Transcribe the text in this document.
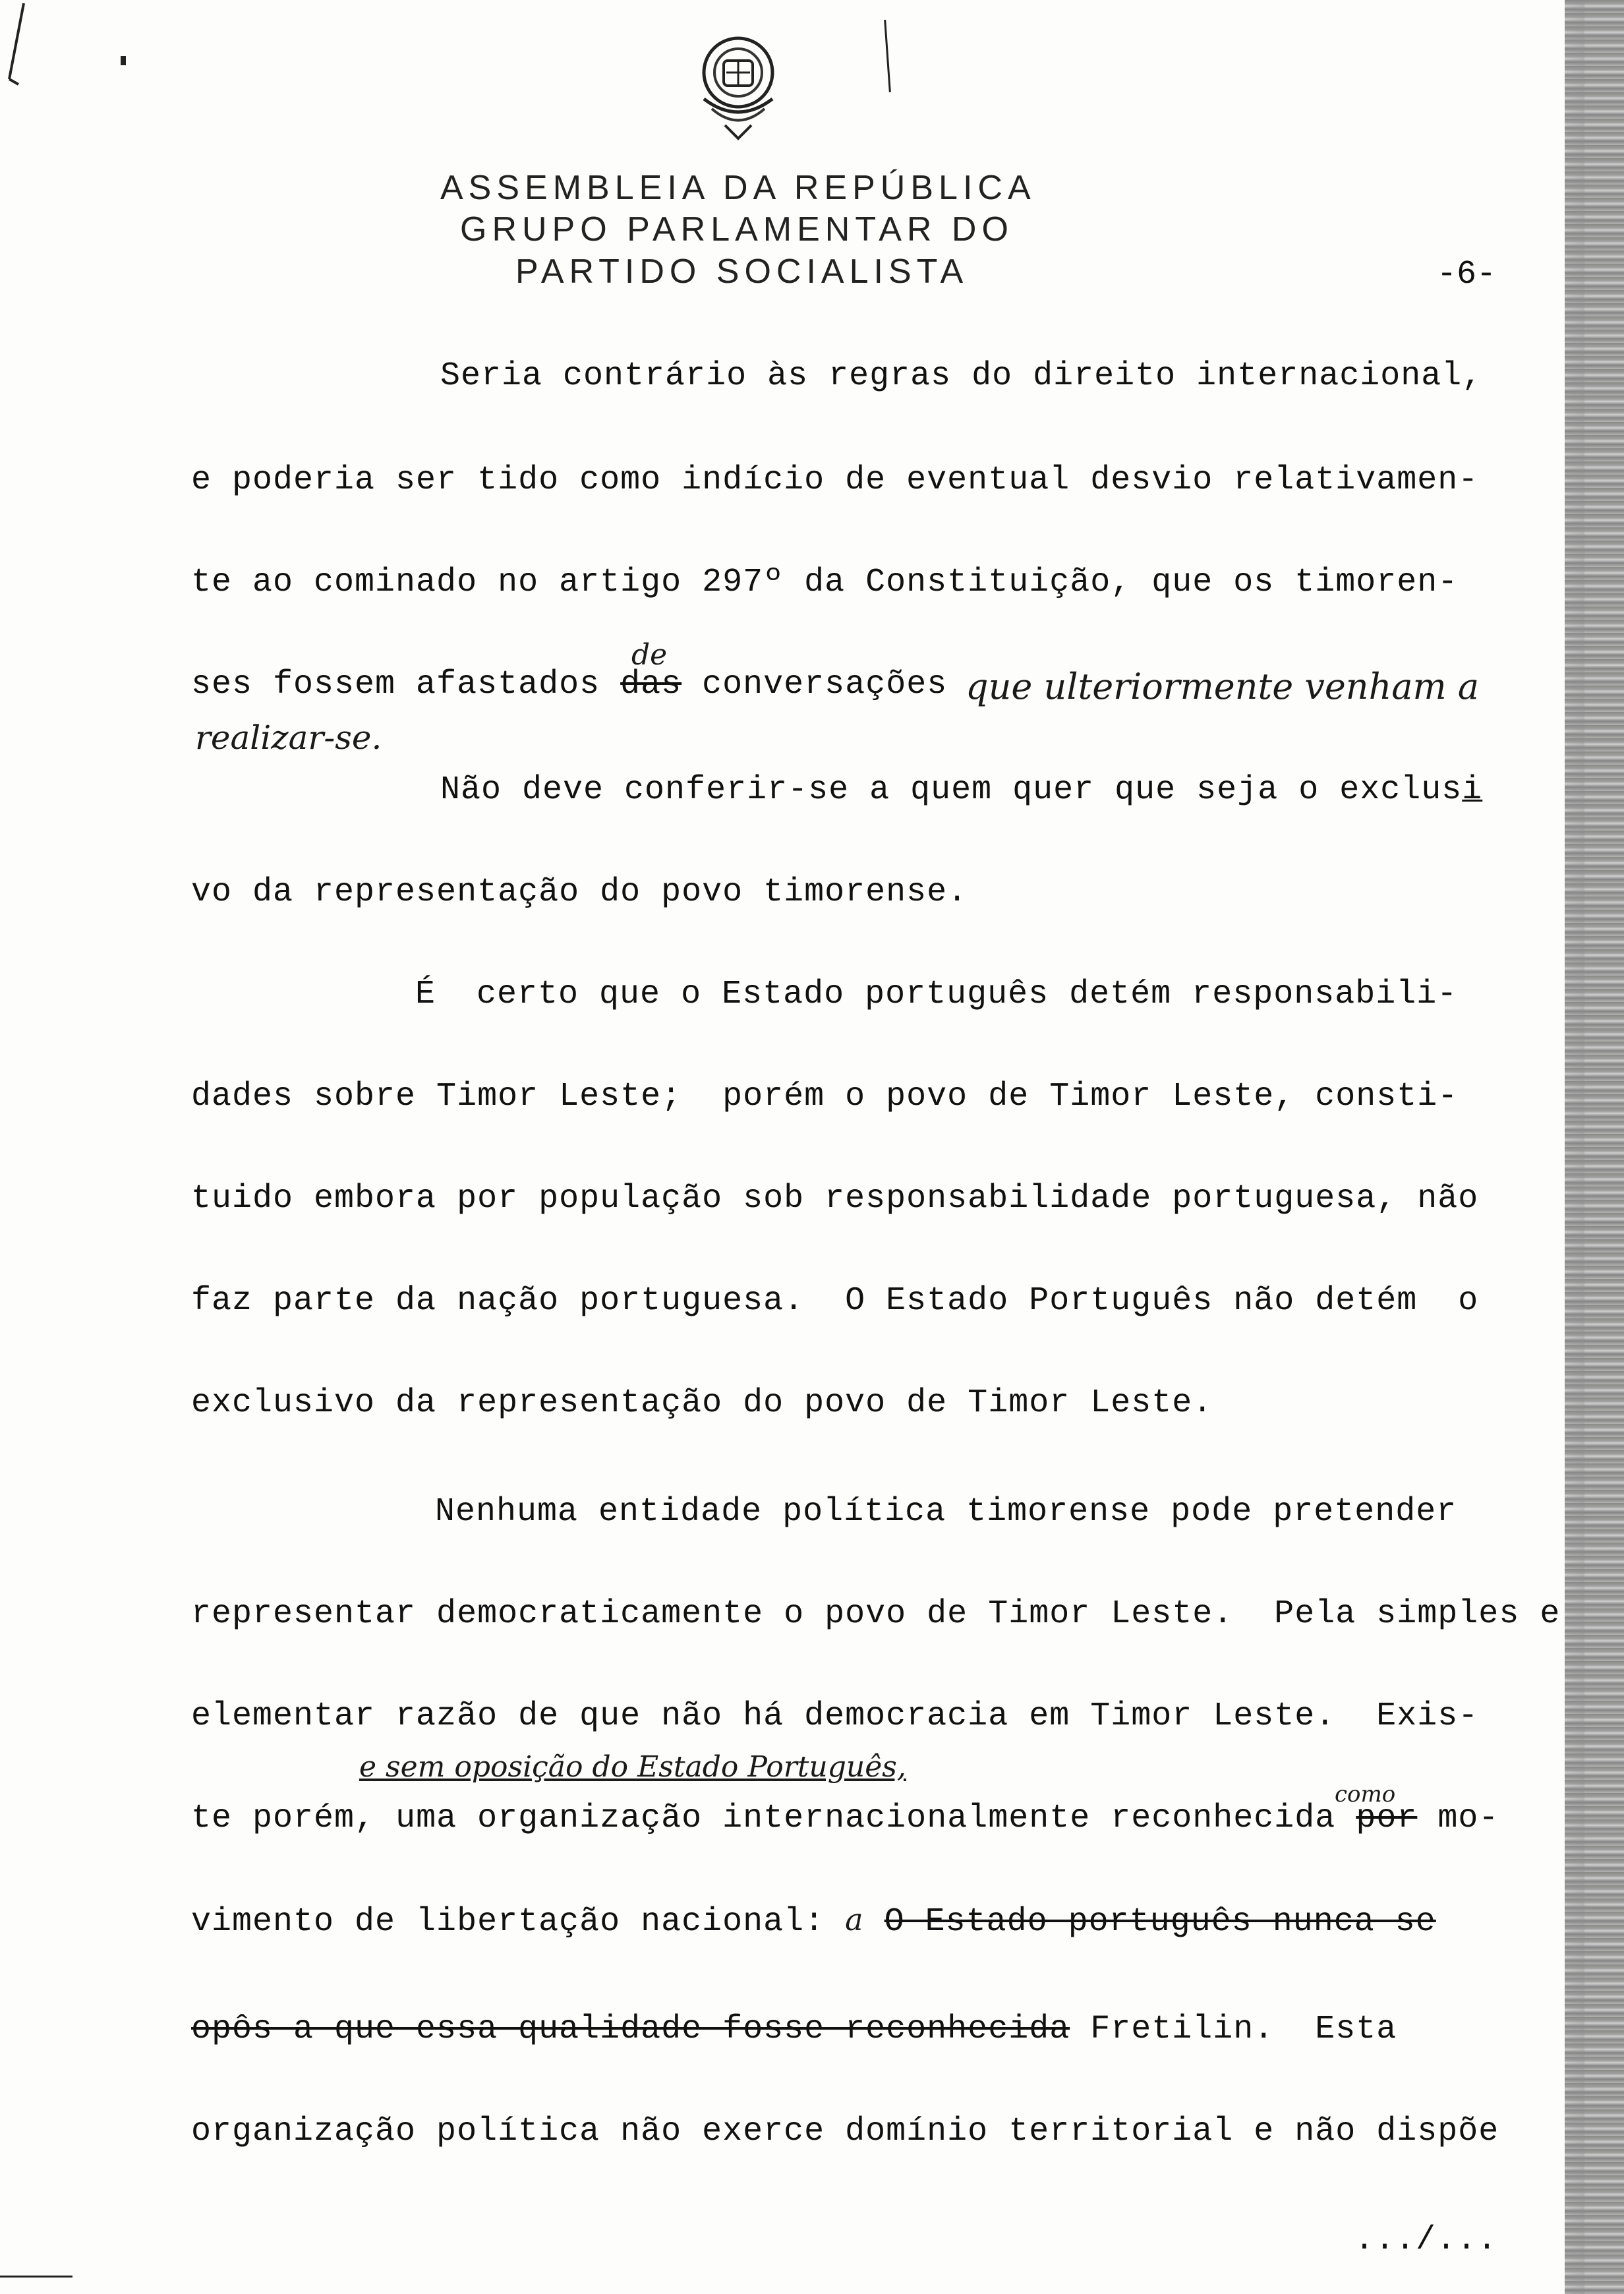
ASSEMBLEIA DA REPÚBLICA
GRUPO PARLAMENTAR DO
PARTIDO SOCIALISTA	-6-
Seria contrário às regras do direito internacional,
e poderia ser tido como indício de eventual desvio relativamen-
te ao cominado no artigo 297º da Constituição, que os timoren-
ses fossem afastados das conversações
de
que ulteriormente venham a
realizar-se.
Não deve conferir-se a quem quer que seja o exclusi
vo da representação do povo timorense.
É  certo que o Estado português detém responsabili-
dades sobre Timor Leste;  porém o povo de Timor Leste, consti-
tuido embora por população sob responsabilidade portuguesa, não
faz parte da nação portuguesa.  O Estado Português não detém  o
exclusivo da representação do povo de Timor Leste.
Nenhuma entidade política timorense pode pretender
representar democraticamente o povo de Timor Leste.  Pela simples e
elementar razão de que não há democracia em Timor Leste.  Exis-
e sem oposição do Estado Português,
como
te porém, uma organização internacionalmente reconhecida por mo-
vimento de libertação nacional: a O Estado português nunca se
opôs a que essa qualidade fosse reconhecida Fretilin.  Esta
organização política não exerce domínio territorial e não dispõe
.../...
